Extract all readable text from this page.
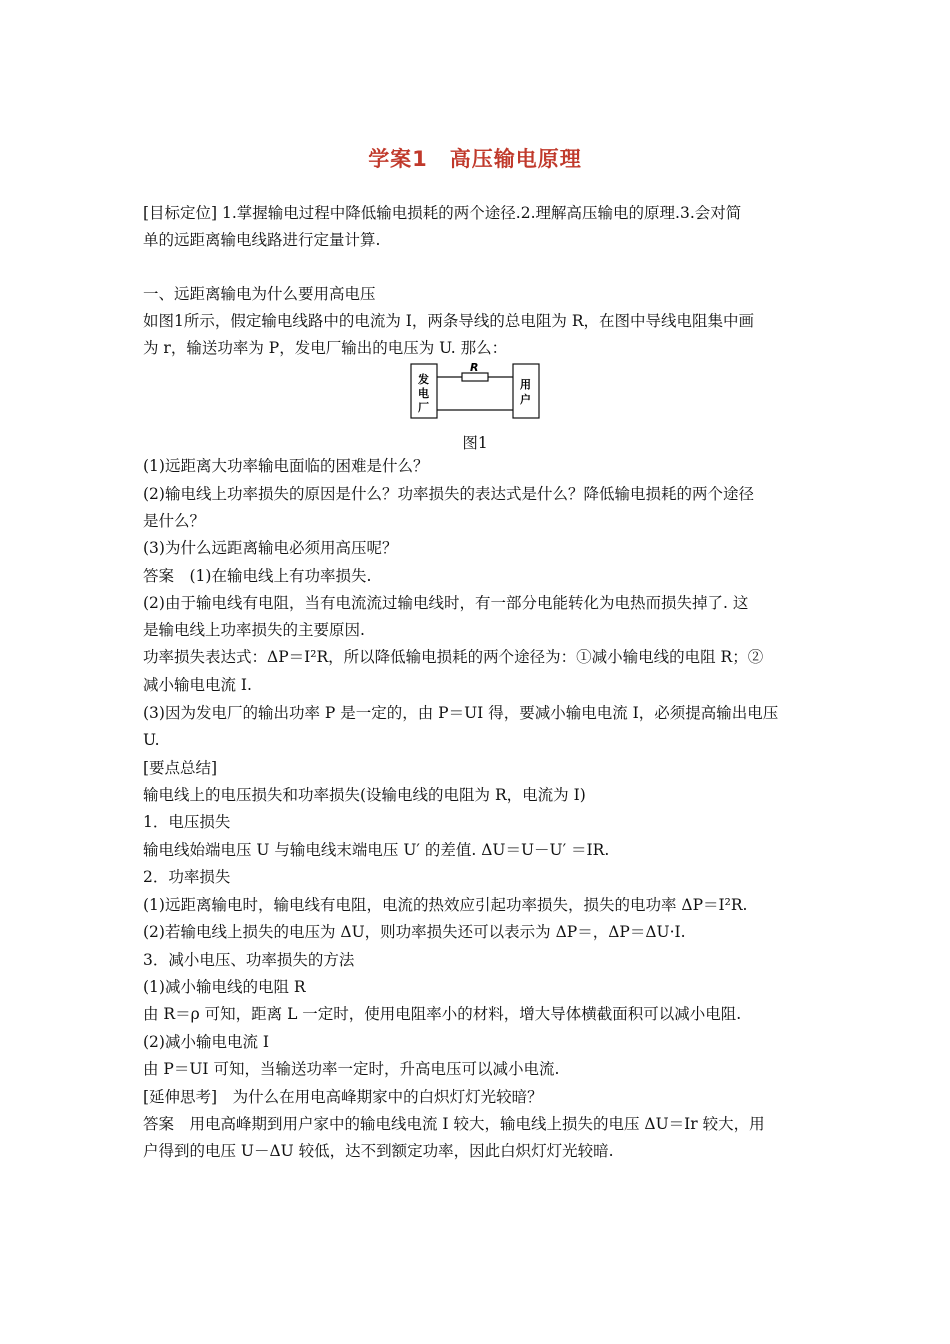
学案1　高压输电原理
[目标定位] 1.掌握输电过程中降低输电损耗的两个途径.2.理解高压输电的原理.3.会对简
单的远距离输电线路进行定量计算.
一、远距离输电为什么要用高电压
如图1所示，假定输电线路中的电流为 I，两条导线的总电阻为 R，在图中导线电阻集中画
为 r，输送功率为 P，发电厂输出的电压为 U. 那么：
R
发
电
厂
用
户
图1
(1)远距离大功率输电面临的困难是什么？
(2)输电线上功率损失的原因是什么？功率损失的表达式是什么？降低输电损耗的两个途径
是什么？
(3)为什么远距离输电必须用高压呢？
答案　(1)在输电线上有功率损失.
(2)由于输电线有电阻，当有电流流过输电线时，有一部分电能转化为电热而损失掉了. 这
是输电线上功率损失的主要原因.
功率损失表达式：ΔP＝I²R，所以降低输电损耗的两个途径为：①减小输电线的电阻 R；②
减小输电电流 I.
(3)因为发电厂的输出功率 P 是一定的，由 P＝UI 得，要减小输电电流 I，必须提高输出电压
U.
[要点总结]
输电线上的电压损失和功率损失(设输电线的电阻为 R，电流为 I)
1．电压损失
输电线始端电压 U 与输电线末端电压 U′ 的差值. ΔU＝U－U′ ＝IR.
2．功率损失
(1)远距离输电时，输电线有电阻，电流的热效应引起功率损失，损失的电功率 ΔP＝I²R.
(2)若输电线上损失的电压为 ΔU，则功率损失还可以表示为 ΔP＝，ΔP＝ΔU·I.
3．减小电压、功率损失的方法
(1)减小输电线的电阻 R
由 R＝ρ 可知，距离 L 一定时，使用电阻率小的材料，增大导体横截面积可以减小电阻.
(2)减小输电电流 I
由 P＝UI 可知，当输送功率一定时，升高电压可以减小电流.
[延伸思考]　为什么在用电高峰期家中的白炽灯灯光较暗？
答案　用电高峰期到用户家中的输电线电流 I 较大，输电线上损失的电压 ΔU＝Ir 较大，用
户得到的电压 U－ΔU 较低，达不到额定功率，因此白炽灯灯光较暗.
